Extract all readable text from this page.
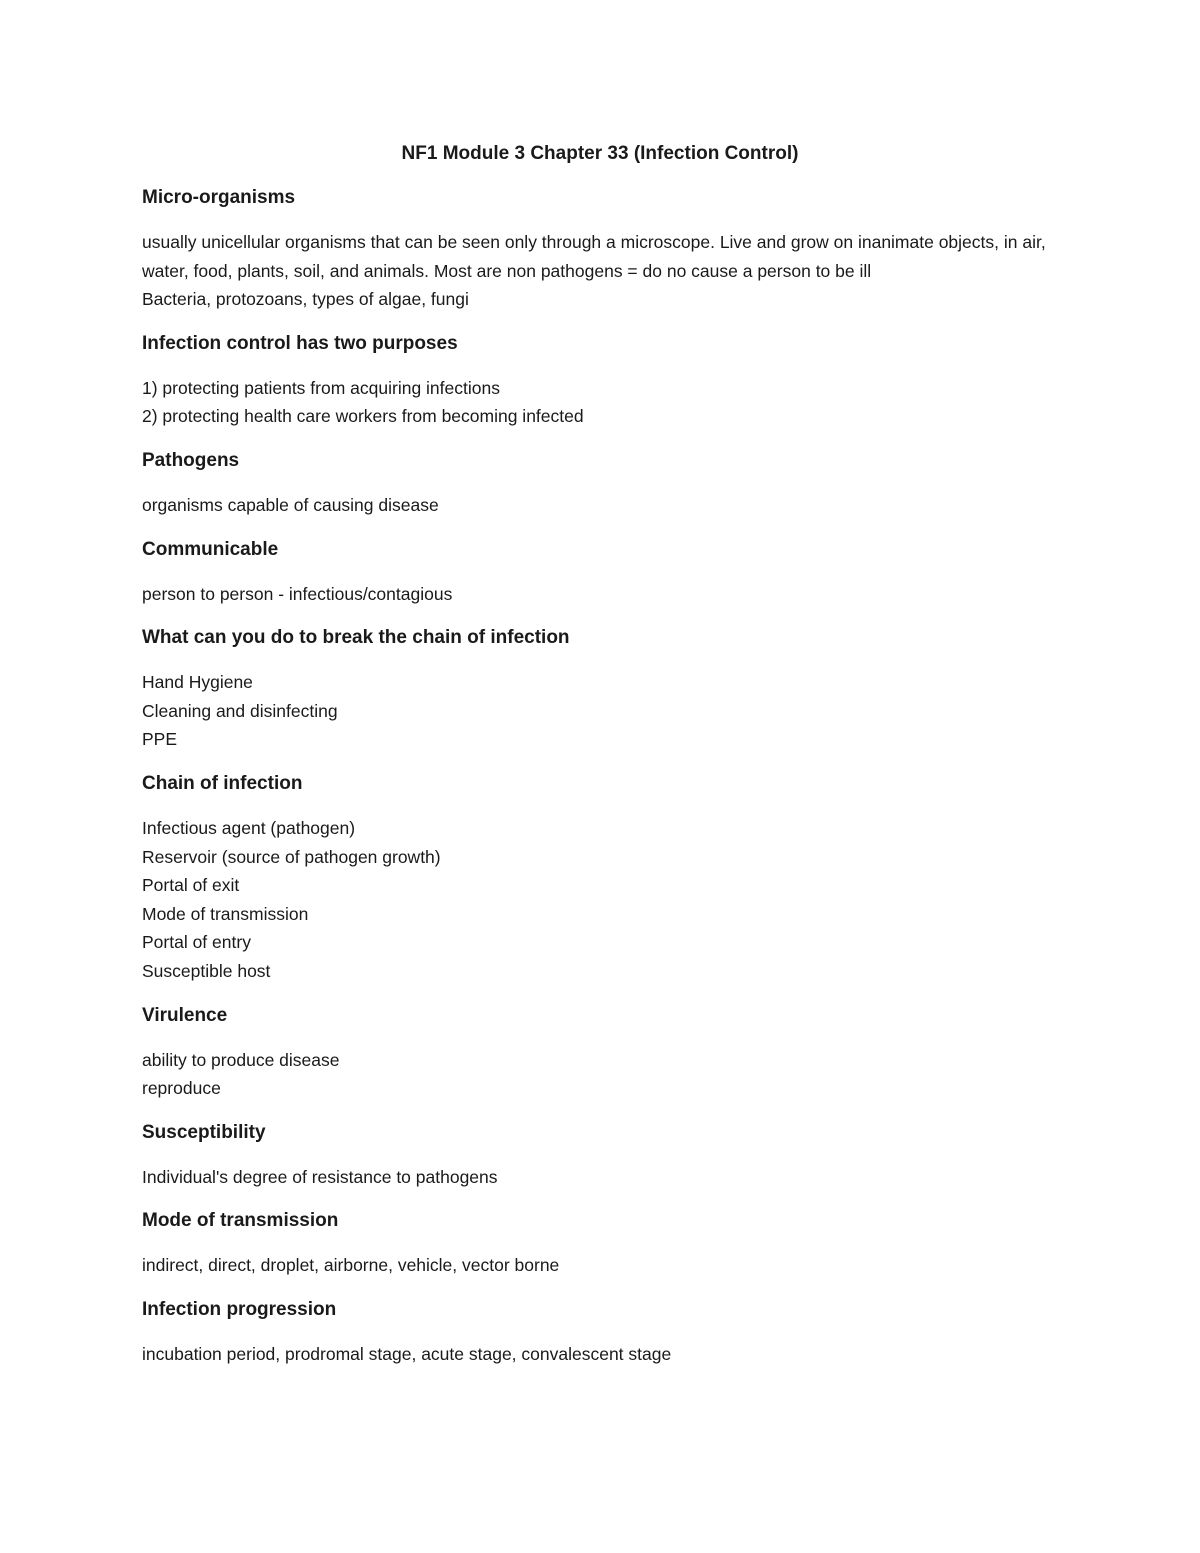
NF1 Module 3 Chapter 33 (Infection Control)
Micro-organisms
usually unicellular organisms that can be seen only through a microscope. Live and grow on inanimate objects, in air, water, food, plants, soil, and animals. Most are non pathogens = do no cause a person to be ill
Bacteria, protozoans, types of algae, fungi
Infection control has two purposes
1) protecting patients from acquiring infections
2) protecting health care workers from becoming infected
Pathogens

organisms capable of causing disease

Communicable

person to person - infectious/contagious

What can you do to break the chain of infection
Hand Hygiene
Cleaning and disinfecting
PPE
Chain of infection
Infectious agent (pathogen)
Reservoir (source of pathogen growth)
Portal of exit
Mode of transmission
Portal of entry
Susceptible host
Virulence
ability to produce disease
reproduce
Susceptibility

Individual's degree of resistance to pathogens

Mode of transmission

indirect, direct, droplet, airborne, vehicle, vector borne

Infection progression

incubation period, prodromal stage, acute stage, convalescent stage
